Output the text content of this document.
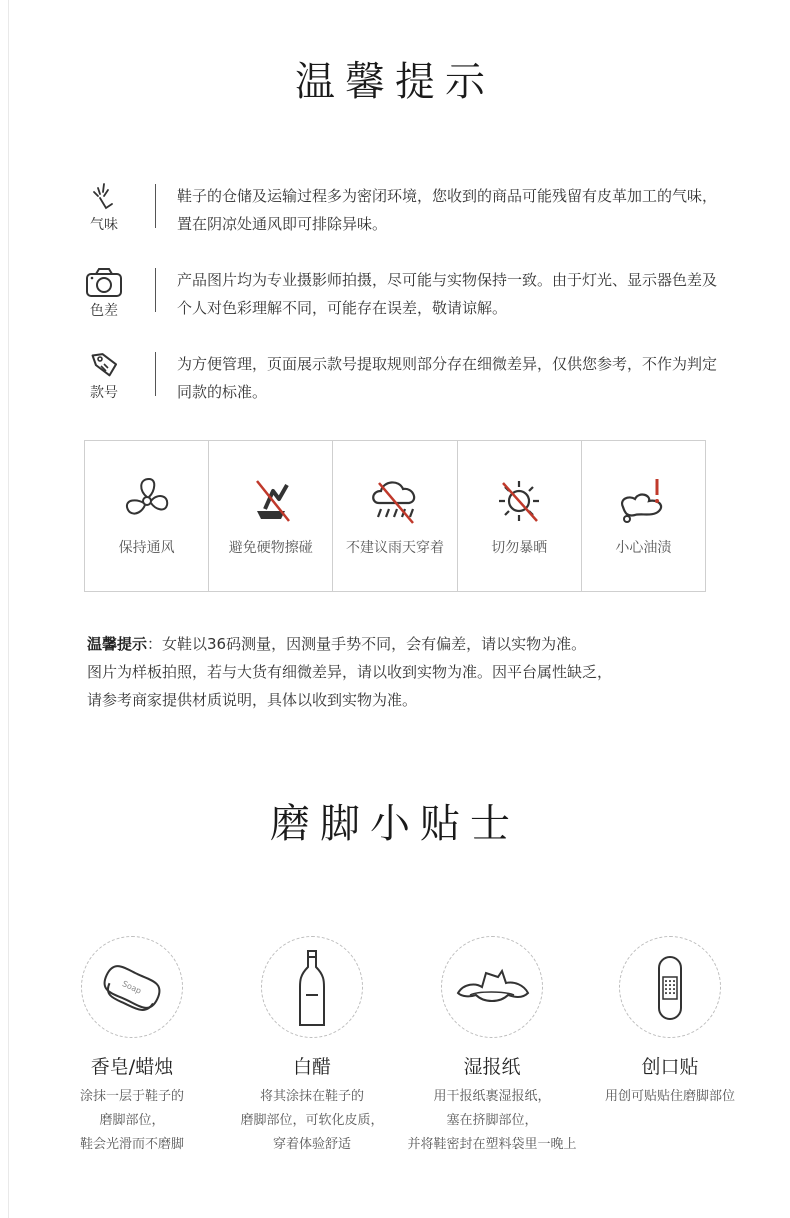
温馨提示
气味
鞋子的仓储及运输过程多为密闭环境，您收到的商品可能残留有皮革加工的气味，置在阴凉处通风即可排除异味。
色差
产品图片均为专业摄影师拍摄，尽可能与实物保持一致。由于灯光、显示器色差及个人对色彩理解不同，可能存在误差，敬请谅解。
款号
为方便管理，页面展示款号提取规则部分存在细微差异，仅供您参考，不作为判定同款的标准。
保持通风	避免硬物擦碰	不建议雨天穿着	切勿暴晒	小心油渍
温馨提示：女鞋以36码测量，因测量手势不同，会有偏差，请以实物为准。
图片为样板拍照，若与大货有细微差异，请以收到实物为准。因平台属性缺乏，
请参考商家提供材质说明，具体以收到实物为准。
磨脚小贴士
Soap
香皂/蜡烛
涂抹一层于鞋子的
磨脚部位，
鞋会光滑而不磨脚
白醋
将其涂抹在鞋子的
磨脚部位，可软化皮质，
穿着体验舒适
湿报纸
用干报纸裹湿报纸，
塞在挤脚部位，
并将鞋密封在塑料袋里一晚上
创口贴
用创可贴贴住磨脚部位
